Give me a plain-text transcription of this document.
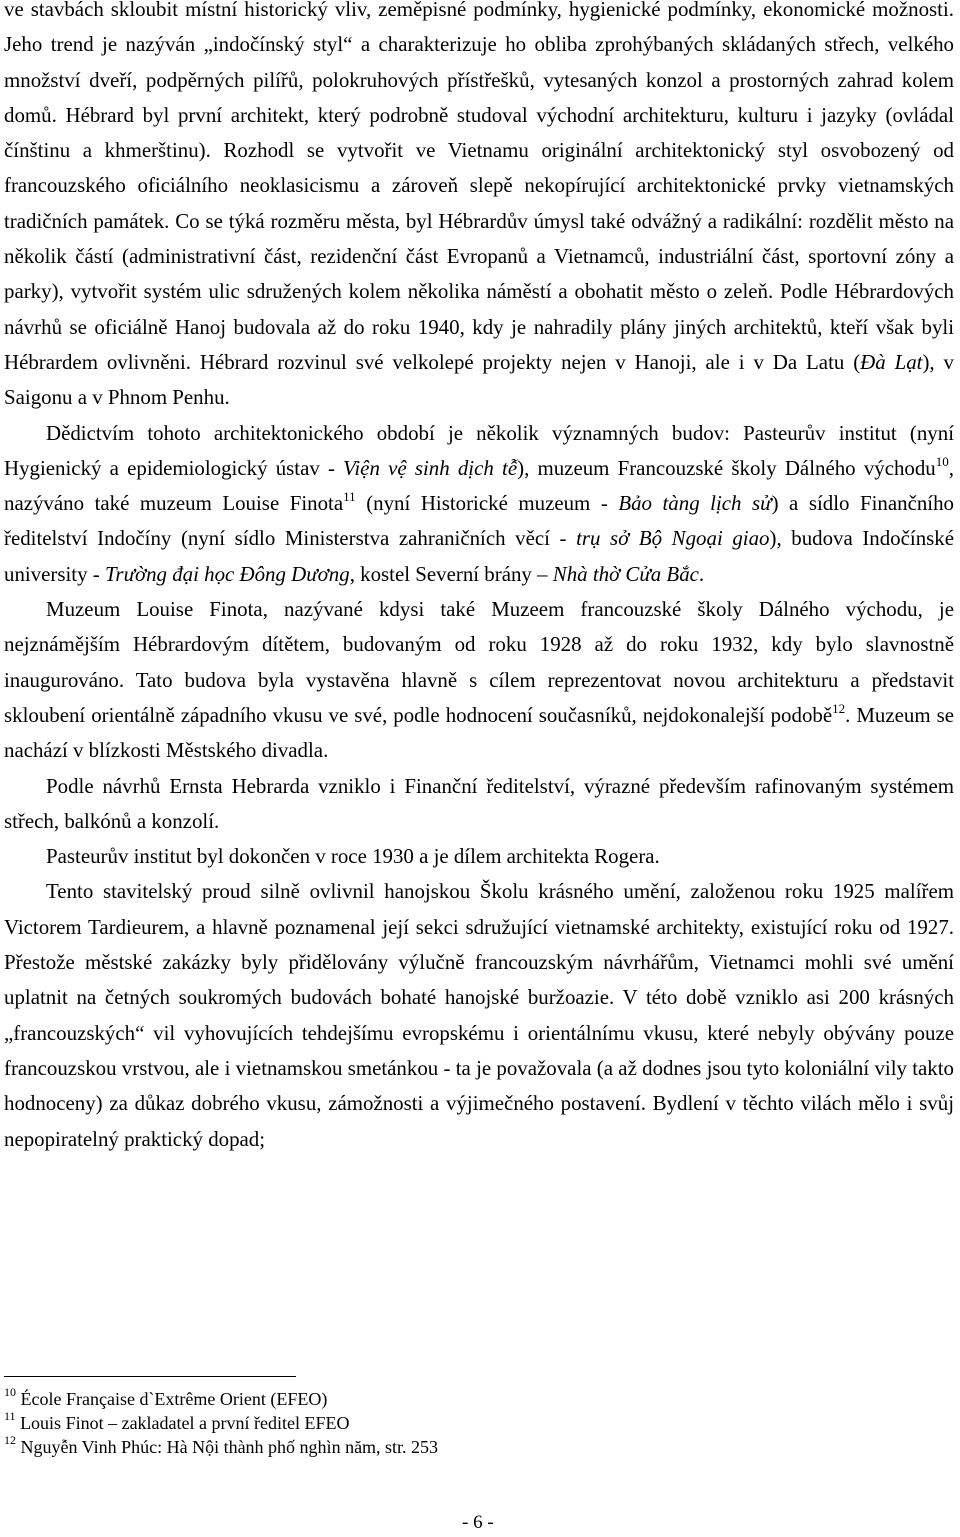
ve stavbách skloubit místní historický vliv, zeměpisné podmínky, hygienické podmínky, ekonomické možnosti. Jeho trend je nazýván „indočínský styl“ a charakterizuje ho obliba zprohýbaných skládaných střech, velkého množství dveří, podpěrných pilířů, polokruhových přístřešků, vytesaných konzol a prostorných zahrad kolem domů. Hébrard byl první architekt, který podrobně studoval východní architekturu, kulturu i jazyky (ovládal čínštinu a khmerštinu). Rozhodl se vytvořit ve Vietnamu originální architektonický styl osvobozený od francouzského oficiálního neoklasicismu a zároveň slepě nekopírující architektonické prvky vietnamských tradičních památek. Co se týká rozměru města, byl Hébrardův úmysl také odvážný a radikální: rozdělit město na několik částí (administrativní část, rezidenční část Evropanů a Vietnamců, industriální část, sportovní zóny a parky), vytvořit systém ulic sdružených kolem několika náměstí a obohatit město o zeleň. Podle Hébrardových návrhů se oficiálně Hanoj budovala až do roku 1940, kdy je nahradily plány jiných architektů, kteří však byli Hébrardem ovlivněni. Hébrard rozvinul své velkolepé projekty nejen v Hanoji, ale i v Da Latu (Đà Lạt), v Saigonu a v Phnom Penhu.

Dědictvím tohoto architektonického období je několik významných budov: Pasteurův institut (nyní Hygienický a epidemiologický ústav - Viện vệ sinh dịch tễ), muzeum Francouzské školy Dálného východu$^{10}$, nazýváno také muzeum Louise Finota$^{11}$ (nyní Historické muzeum - Bảo tàng lịch sử) a sídlo Finančního ředitelství Indočíny (nyní sídlo Ministerstva zahraničních věcí - trụ sở Bộ Ngoại giao), budova Indočínské university - Trường đại học Đông Dương, kostel Severní brány – Nhà thờ Cửa Bắc.

Muzeum Louise Finota, nazývané kdysi také Muzeem francouzské školy Dálného východu, je nejznámějším Hébrardovým dítětem, budovaným od roku 1928 až do roku 1932, kdy bylo slavnostně inaugurováno. Tato budova byla vystavěna hlavně s cílem reprezentovat novou architekturu a představit skloubení orientálně západního vkusu ve své, podle hodnocení současníků, nejdokonalejší podobě$^{12}$. Muzeum se nachází v blízkosti Městského divadla.

Podle návrhů Ernsta Hebrarda vzniklo i Finanční ředitelství, výrazné především rafinovaným systémem střech, balkónů a konzolí.

Pasteurův institut byl dokončen v roce 1930 a je dílem architekta Rogera.

Tento stavitelský proud silně ovlivnil hanojskou Školu krásného umění, založenou roku 1925 malířem Victorem Tardieurem, a hlavně poznamenal její sekci sdružující vietnamské architekty, existující roku od 1927. Přestože městské zakázky byly přidělovány výlučně francouzským návrhářům, Vietnamci mohli své umění uplatnit na četných soukromých budovách bohaté hanojské buržoazie. V této době vzniklo asi 200 krásných „francouzských“ vil vyhovujících tehdejšímu evropskému i orientálnímu vkusu, které nebyly obývány pouze francouzskou vrstvou, ale i vietnamskou smetánkou - ta je považovala (a až dodnes jsou tyto koloniální vily takto hodnoceny) za důkaz dobrého vkusu, zámožnosti a výjimečného postavení. Bydlení v těchto vilách mělo i svůj nepopiratelný praktický dopad;

$^{10}$ École Française d`Extrême Orient (EFEO)
$^{11}$ Louis Finot – zakladatel a první ředitel EFEO
$^{12}$ Nguyễn Vinh Phúc: Hà Nội thành phố nghìn năm, str. 253
- 6 -
